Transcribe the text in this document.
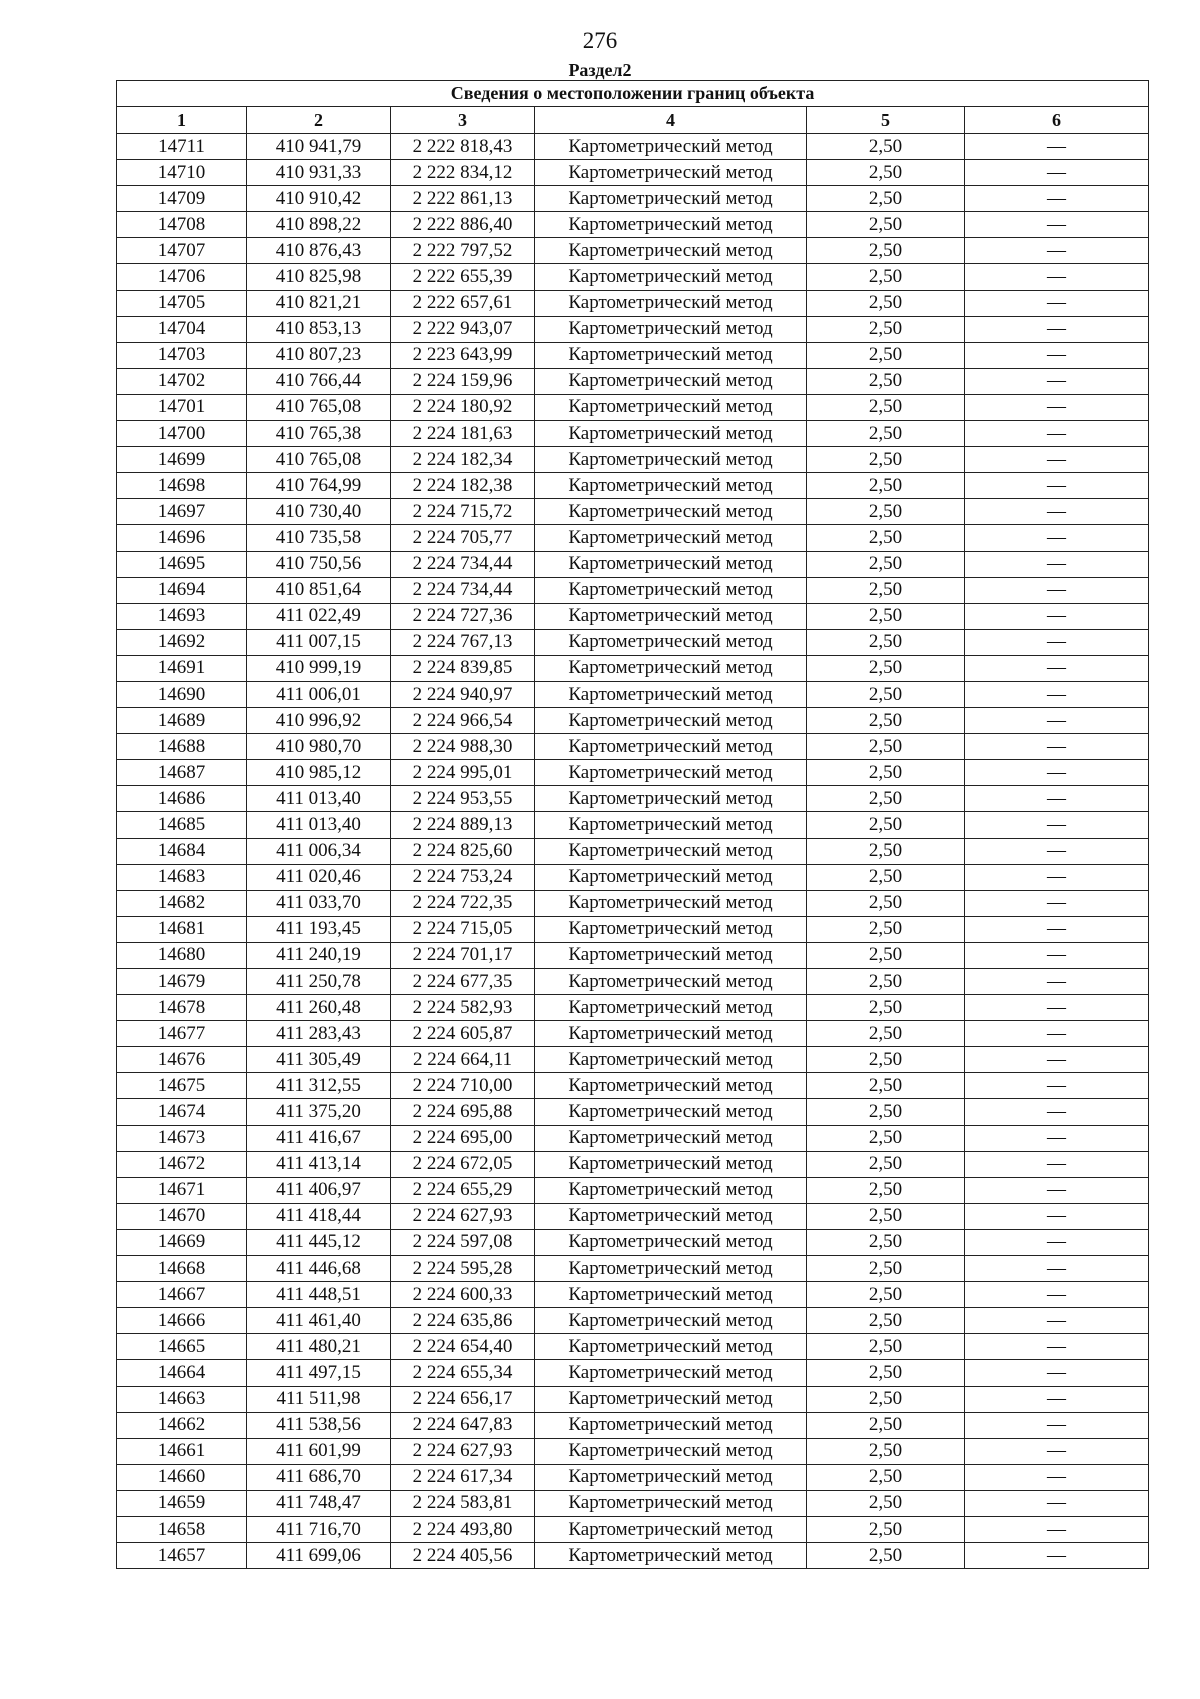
276
Раздел2
Сведения о местоположении границ объекта					
1	2	3	4	5	6
14711	410 941,79	2 222 818,43	Картометрический метод	2,50	—
14710	410 931,33	2 222 834,12	Картометрический метод	2,50	—
14709	410 910,42	2 222 861,13	Картометрический метод	2,50	—
14708	410 898,22	2 222 886,40	Картометрический метод	2,50	—
14707	410 876,43	2 222 797,52	Картометрический метод	2,50	—
14706	410 825,98	2 222 655,39	Картометрический метод	2,50	—
14705	410 821,21	2 222 657,61	Картометрический метод	2,50	—
14704	410 853,13	2 222 943,07	Картометрический метод	2,50	—
14703	410 807,23	2 223 643,99	Картометрический метод	2,50	—
14702	410 766,44	2 224 159,96	Картометрический метод	2,50	—
14701	410 765,08	2 224 180,92	Картометрический метод	2,50	—
14700	410 765,38	2 224 181,63	Картометрический метод	2,50	—
14699	410 765,08	2 224 182,34	Картометрический метод	2,50	—
14698	410 764,99	2 224 182,38	Картометрический метод	2,50	—
14697	410 730,40	2 224 715,72	Картометрический метод	2,50	—
14696	410 735,58	2 224 705,77	Картометрический метод	2,50	—
14695	410 750,56	2 224 734,44	Картометрический метод	2,50	—
14694	410 851,64	2 224 734,44	Картометрический метод	2,50	—
14693	411 022,49	2 224 727,36	Картометрический метод	2,50	—
14692	411 007,15	2 224 767,13	Картометрический метод	2,50	—
14691	410 999,19	2 224 839,85	Картометрический метод	2,50	—
14690	411 006,01	2 224 940,97	Картометрический метод	2,50	—
14689	410 996,92	2 224 966,54	Картометрический метод	2,50	—
14688	410 980,70	2 224 988,30	Картометрический метод	2,50	—
14687	410 985,12	2 224 995,01	Картометрический метод	2,50	—
14686	411 013,40	2 224 953,55	Картометрический метод	2,50	—
14685	411 013,40	2 224 889,13	Картометрический метод	2,50	—
14684	411 006,34	2 224 825,60	Картометрический метод	2,50	—
14683	411 020,46	2 224 753,24	Картометрический метод	2,50	—
14682	411 033,70	2 224 722,35	Картометрический метод	2,50	—
14681	411 193,45	2 224 715,05	Картометрический метод	2,50	—
14680	411 240,19	2 224 701,17	Картометрический метод	2,50	—
14679	411 250,78	2 224 677,35	Картометрический метод	2,50	—
14678	411 260,48	2 224 582,93	Картометрический метод	2,50	—
14677	411 283,43	2 224 605,87	Картометрический метод	2,50	—
14676	411 305,49	2 224 664,11	Картометрический метод	2,50	—
14675	411 312,55	2 224 710,00	Картометрический метод	2,50	—
14674	411 375,20	2 224 695,88	Картометрический метод	2,50	—
14673	411 416,67	2 224 695,00	Картометрический метод	2,50	—
14672	411 413,14	2 224 672,05	Картометрический метод	2,50	—
14671	411 406,97	2 224 655,29	Картометрический метод	2,50	—
14670	411 418,44	2 224 627,93	Картометрический метод	2,50	—
14669	411 445,12	2 224 597,08	Картометрический метод	2,50	—
14668	411 446,68	2 224 595,28	Картометрический метод	2,50	—
14667	411 448,51	2 224 600,33	Картометрический метод	2,50	—
14666	411 461,40	2 224 635,86	Картометрический метод	2,50	—
14665	411 480,21	2 224 654,40	Картометрический метод	2,50	—
14664	411 497,15	2 224 655,34	Картометрический метод	2,50	—
14663	411 511,98	2 224 656,17	Картометрический метод	2,50	—
14662	411 538,56	2 224 647,83	Картометрический метод	2,50	—
14661	411 601,99	2 224 627,93	Картометрический метод	2,50	—
14660	411 686,70	2 224 617,34	Картометрический метод	2,50	—
14659	411 748,47	2 224 583,81	Картометрический метод	2,50	—
14658	411 716,70	2 224 493,80	Картометрический метод	2,50	—
14657	411 699,06	2 224 405,56	Картометрический метод	2,50	—
